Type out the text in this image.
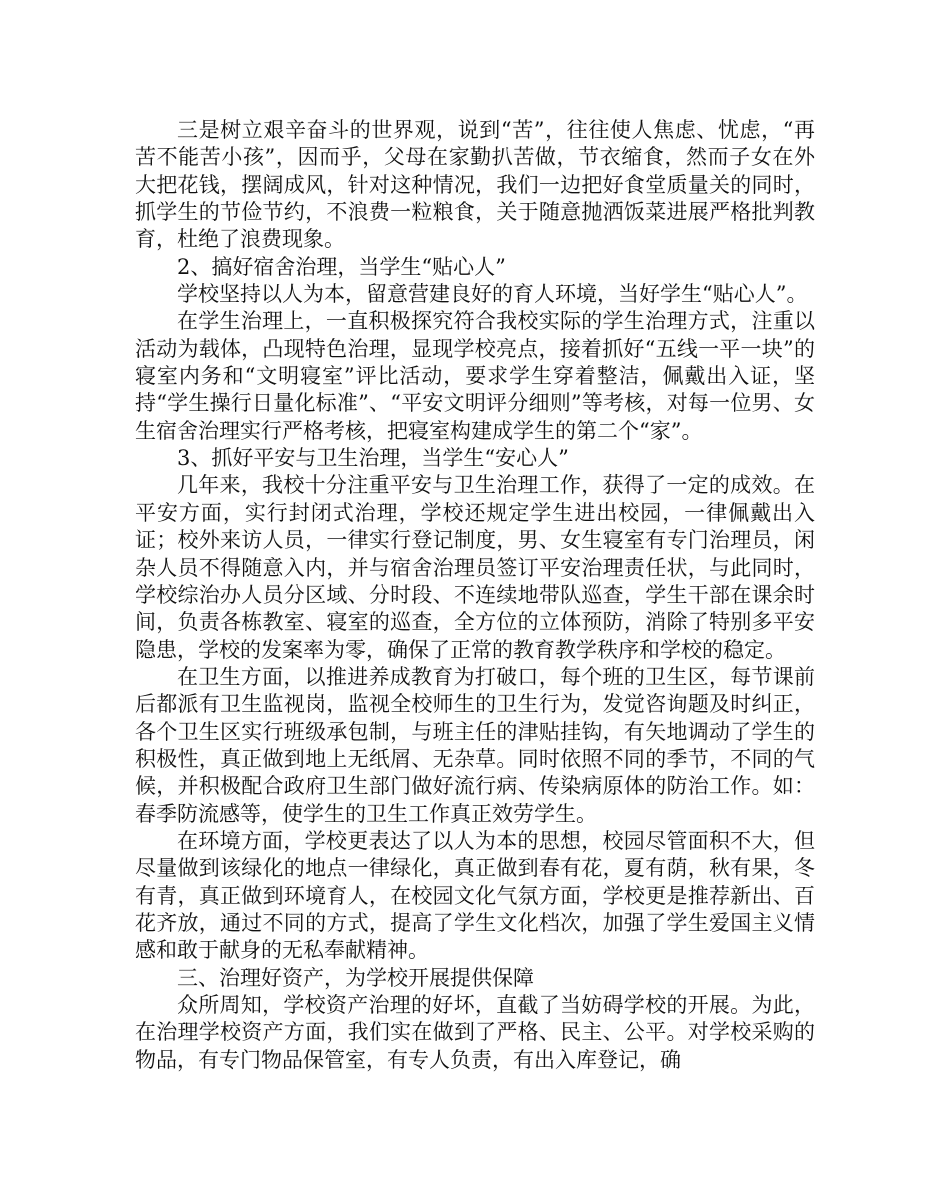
三是树立艰辛奋斗的世界观，说到“苦”，往往使人焦虑、忧虑，“再苦不能苦小孩”，因而乎，父母在家勤扒苦做，节衣缩食，然而子女在外大把花钱，摆阔成风，针对这种情况，我们一边把好食堂质量关的同时，抓学生的节俭节约，不浪费一粒粮食，关于随意抛洒饭菜进展严格批判教育，杜绝了浪费现象。

2、搞好宿舍治理，当学生“贴心人”

学校坚持以人为本，留意营建良好的育人环境，当好学生“贴心人”。

在学生治理上，一直积极探究符合我校实际的学生治理方式，注重以活动为载体，凸现特色治理，显现学校亮点，接着抓好“五线一平一块”的寝室内务和“文明寝室”评比活动，要求学生穿着整洁，佩戴出入证，坚持“学生操行日量化标准”、“平安文明评分细则”等考核，对每一位男、女生宿舍治理实行严格考核，把寝室构建成学生的第二个“家”。

3、抓好平安与卫生治理，当学生“安心人”

几年来，我校十分注重平安与卫生治理工作，获得了一定的成效。在平安方面，实行封闭式治理，学校还规定学生进出校园，一律佩戴出入证；校外来访人员，一律实行登记制度，男、女生寝室有专门治理员，闲杂人员不得随意入内，并与宿舍治理员签订平安治理责任状，与此同时，学校综治办人员分区域、分时段、不连续地带队巡查，学生干部在课余时间，负责各栋教室、寝室的巡查，全方位的立体预防，消除了特别多平安隐患，学校的发案率为零，确保了正常的教育教学秩序和学校的稳定。

在卫生方面，以推进养成教育为打破口，每个班的卫生区，每节课前后都派有卫生监视岗，监视全校师生的卫生行为，发觉咨询题及时纠正，各个卫生区实行班级承包制，与班主任的津贴挂钩，有矢地调动了学生的积极性，真正做到地上无纸屑、无杂草。同时依照不同的季节，不同的气候，并积极配合政府卫生部门做好流行病、传染病原体的防治工作。如：春季防流感等，使学生的卫生工作真正效劳学生。

在环境方面，学校更表达了以人为本的思想，校园尽管面积不大，但尽量做到该绿化的地点一律绿化，真正做到春有花，夏有荫，秋有果，冬有青，真正做到环境育人，在校园文化气氛方面，学校更是推荐新出、百花齐放，通过不同的方式，提高了学生文化档次，加强了学生爱国主义情感和敢于献身的无私奉献精神。

三、治理好资产，为学校开展提供保障

众所周知，学校资产治理的好坏，直截了当妨碍学校的开展。为此，在治理学校资产方面，我们实在做到了严格、民主、公平。对学校采购的物品，有专门物品保管室，有专人负责，有出入库登记，确
